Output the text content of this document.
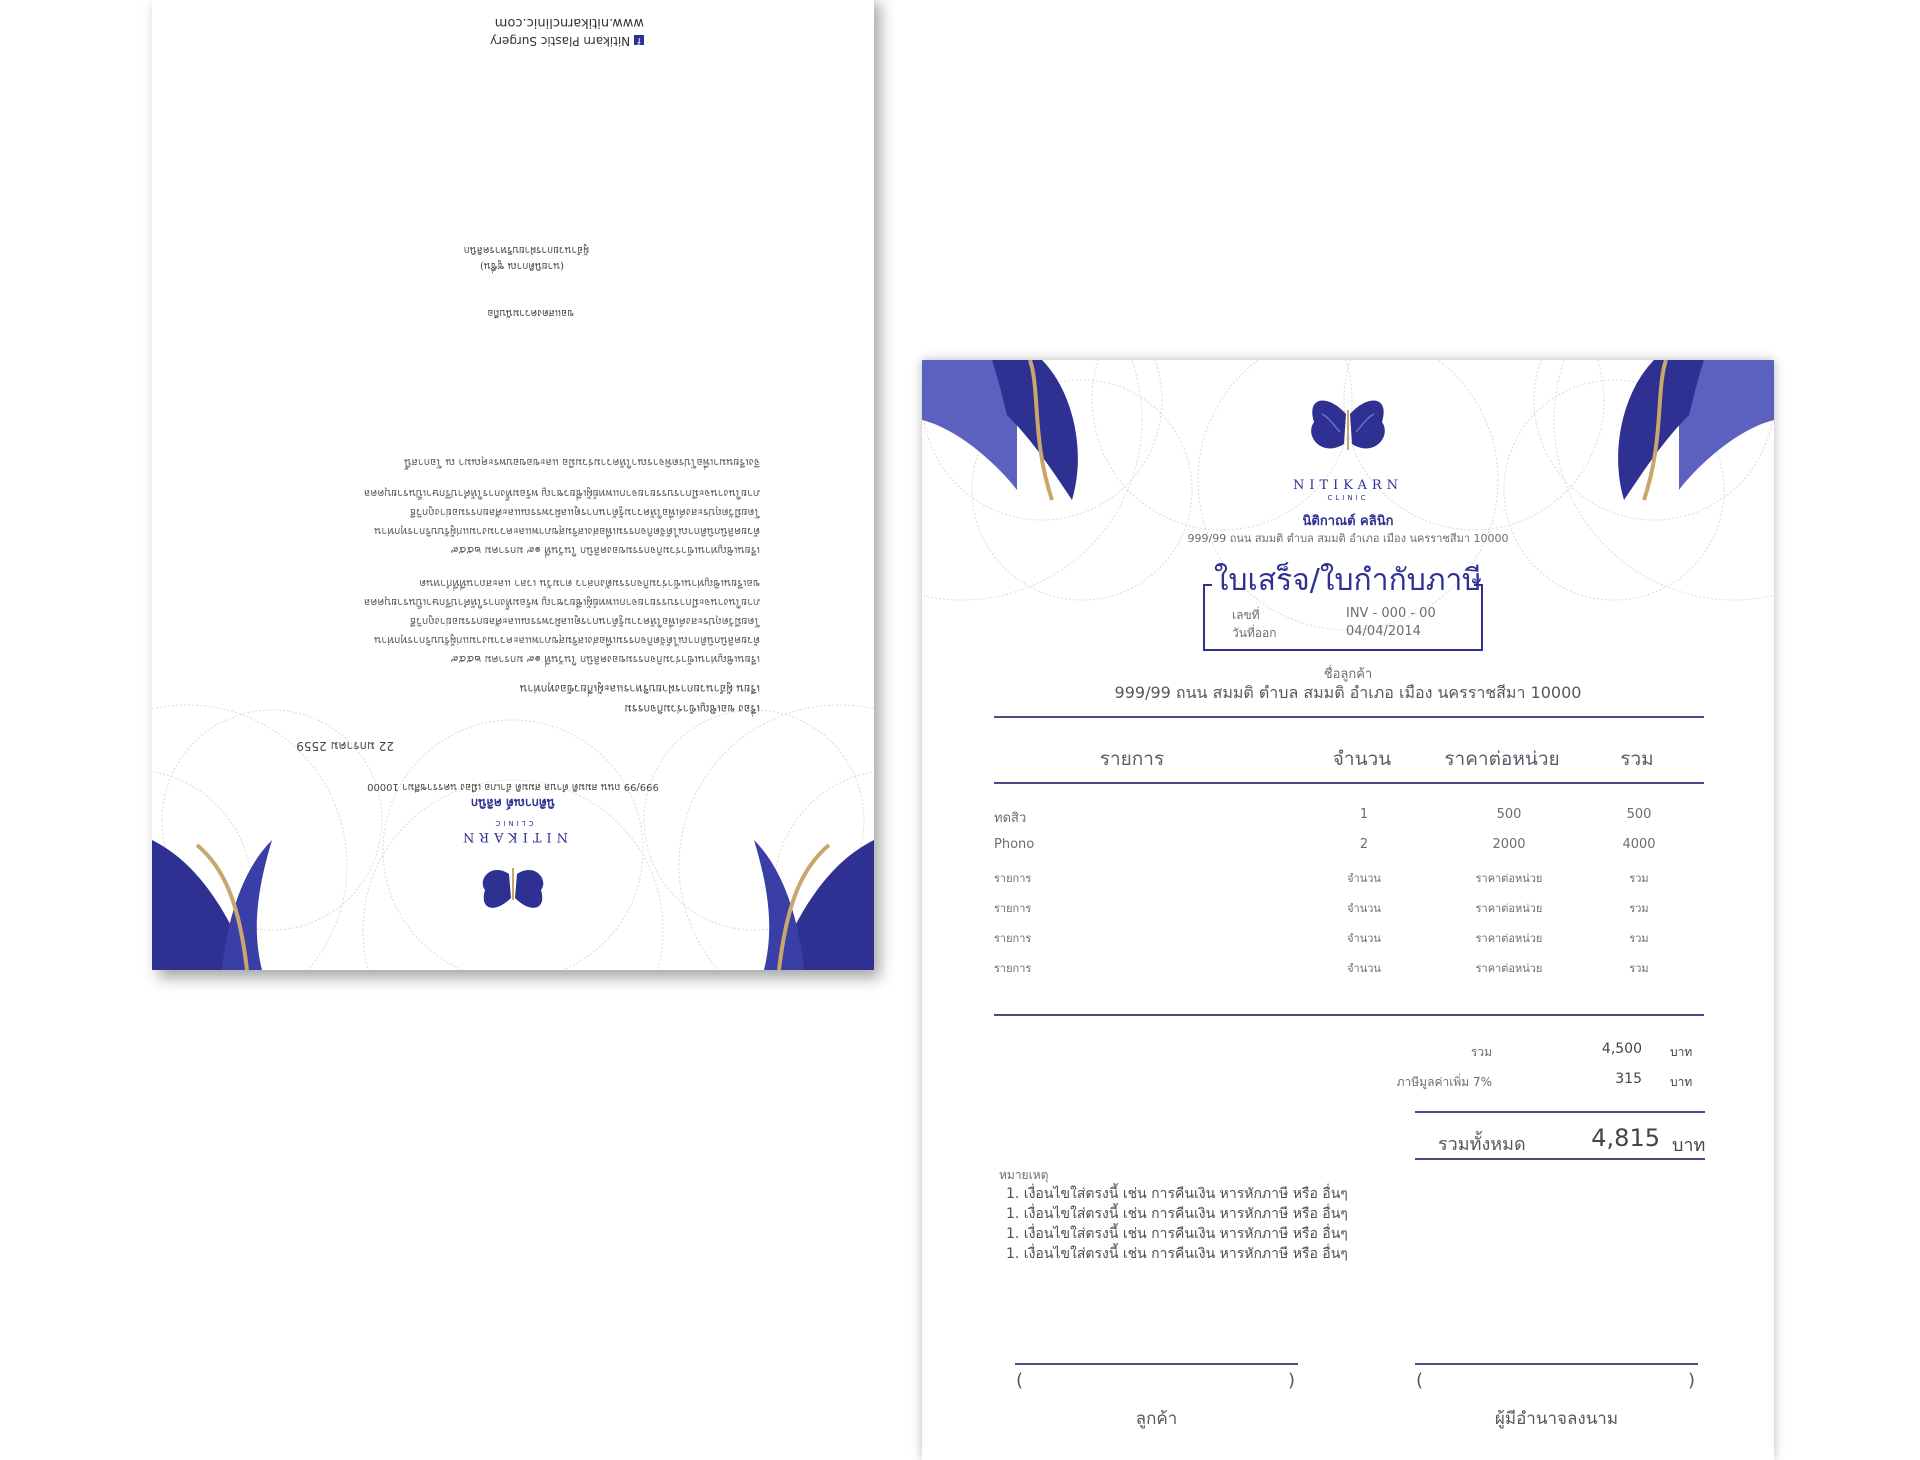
NITIKARN
CLINIC
นิติกาณต์ คลินิก
999/99 ถนน สมมติ ตำบล สมมติ อำเภอ เมือง นครราชสีมา 10000
22 มกราคม 2559
เรื่อง ขอเชิญเข้าร่วมกิจกรรม
เรียน ผู้อำนวยการฝ่ายบริหารและผู้เกี่ยวข้องทุกท่าน

เรียนเชิญท่านเข้าร่วมกิจกรรมของคลินิก ในวันที่ ๑๙ มกราคม ๒๕๕๙

ด้วยคลินิกนิติกาณได้จัดกิจกรรมเพื่อส่งเสริมสุขภาพและความงามแก่ผู้รับบริการทุกท่าน

โดยมีวัตถุประสงค์เพื่อให้ความรู้ด้านการดูแลผิวพรรณและศัลยกรรมอย่างถูกวิธี

ภายในงานจะมีการบรรยายจากแพทย์ผู้เชี่ยวชาญ พร้อมทั้งการให้คำปรึกษาเป็นรายบุคคล

ขอเรียนเชิญท่านเข้าร่วมกิจกรรมดังกล่าว ตามวัน เวลา และสถานที่ที่กำหนด

เรียนเชิญท่านเข้าร่วมกิจกรรมของคลินิก ในวันที่ ๑๙ มกราคม ๒๕๕๙

ด้วยคลินิกนิติกาณได้จัดกิจกรรมเพื่อส่งเสริมสุขภาพและความงามแก่ผู้รับบริการทุกท่าน

โดยมีวัตถุประสงค์เพื่อให้ความรู้ด้านการดูแลผิวพรรณและศัลยกรรมอย่างถูกวิธี

ภายในงานจะมีการบรรยายจากแพทย์ผู้เชี่ยวชาญ พร้อมทั้งการให้คำปรึกษาเป็นรายบุคคล

จึงเรียนมาเพื่อโปรดพิจารณาให้ความร่วมมือ และขอขอบพระคุณมา ณ โอกาสนี้

ขอแสดงความนับถือ
(นายนิติกาณ ชูชื่น)
ผู้อำนวยการฝ่ายบริหารคลินิก
f Nitikarn Plastic Surgery
www.nitikarnclinic.com
NITIKARN
CLINIC
นิติกาณต์ คลินิก
999/99 ถนน สมมติ ตำบล สมมติ อำเภอ เมือง นครราชสีมา 10000
ใบเสร็จ/ใบกำกับภาษี
เลขที่	INV - 000 - 00
วันที่ออก	04/04/2014
ชื่อลูกค้า
999/99 ถนน สมมติ ตำบล สมมติ อำเภอ เมือง นครราชสีมา 10000
รายการ	จำนวน	ราคาต่อหน่วย	รวม
ทดสิว	1	500	500
Phono	2	2000	4000
รายการ	จำนวน	ราคาต่อหน่วย	รวม
รายการ	จำนวน	ราคาต่อหน่วย	รวม
รายการ	จำนวน	ราคาต่อหน่วย	รวม
รายการ	จำนวน	ราคาต่อหน่วย	รวม
รวม	4,500 บาท
ภาษีมูลค่าเพิ่ม 7%	315 บาท
รวมทั้งหมด	4,815 บาท
หมายเหตุ
1. เงื่อนไขใส่ตรงนี้ เช่น การคืนเงิน หารหักภาษี หรือ อื่นๆ
1. เงื่อนไขใส่ตรงนี้ เช่น การคืนเงิน หารหักภาษี หรือ อื่นๆ
1. เงื่อนไขใส่ตรงนี้ เช่น การคืนเงิน หารหักภาษี หรือ อื่นๆ
1. เงื่อนไขใส่ตรงนี้ เช่น การคืนเงิน หารหักภาษี หรือ อื่นๆ
(	)
ลูกค้า
(	)
ผู้มีอำนาจลงนาม
